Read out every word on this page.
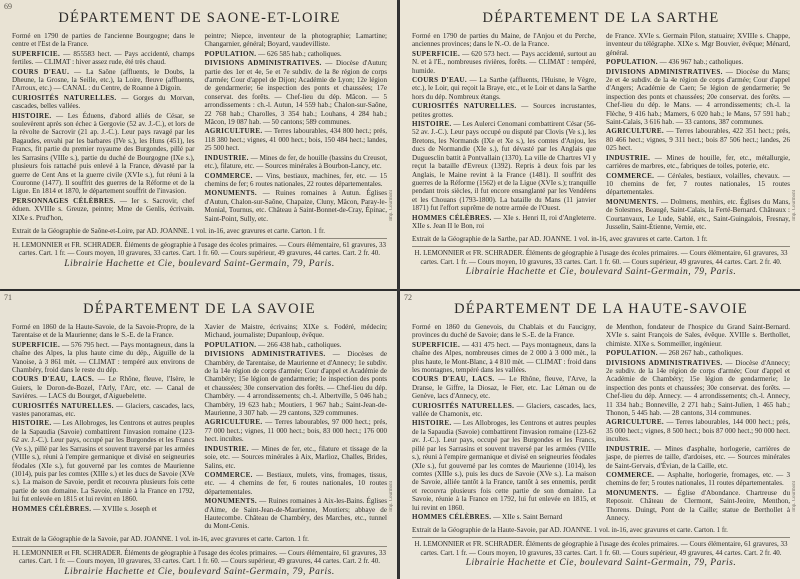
69
DÉPARTEMENT DE SAONE-ET-LOIRE

Formé en 1790 de parties de l'ancienne Bourgogne; dans le centre et l'Est de la France.

SUPERFICIE. — 855583 hect. — Pays accidenté, champs fertiles. — CLIMAT : hiver assez rude, été très chaud.

COURS D'EAU. — La Saône (affluents, le Doubs, la Dheune, la Grosne, la Seille, etc.), la Loire, fleuve (affluents, l'Arroux, etc.) — CANAL : du Centre, de Roanne à Digoin.

CURIOSITÉS NATURELLES. — Gorges du Morvan, cascades, belles vallées.

HISTOIRE. — Les Éduens, d'abord alliés de César, se soulevèrent après son échec à Gergovie (52 av. J.-C.), et lors de la révolte de Sacrovir (21 ap. J.-C.). Leur pays ravagé par les Bagaudes, envahi par les barbares (IVe s.), les Huns (451), les Francs, fit partie du premier royaume des Burgondes, pillé par les Sarrasins (VIIIe s.), partie du duché de Bourgogne (IXe s.), plusieurs fois rattaché puis enlevé à la France, dévasté par la guerre de Cent Ans et la guerre civile (XVIe s.), fut réuni à la Couronne (1477). Il souffrit des guerres de la Réforme et de la Ligue. En 1814 et 1870, le département souffrit de l'invasion.

PERSONNAGES CÉLÈBRES. — Ier s. Sacrovir, chef éduen. XVIIIe s. Greuze, peintre; Mme de Genlis, écrivain. XIXe s. Prud'hon,

peintre; Niepce, inventeur de la photographie; Lamartine; Changarnier, général; Boyard, vaudevilliste.

POPULATION. — 626 585 hab.; catholiques.

DIVISIONS ADMINISTRATIVES. — Diocèse d'Autun; partie des 1er et 4e, 5e et 7e subdiv. de la 8e région de corps d'armée; Cour d'appel de Dijon; Académie de Lyon; 12e légion de gendarmerie; 6e inspection des ponts et chaussées; 17e conservat. des forêts. — Chef-lieu du dép. Mâcon. — 5 arrondissements : ch.-l. Autun, 14 559 hab.; Chalon-sur-Saône, 22 768 hab.; Charolles, 3 354 hab.; Louhans, 4 284 hab.; Mâcon, 19 087 hab. — 50 cantons; 589 communes.

AGRICULTURE. — Terres labourables, 434 800 hect.; prés, 118 380 hect.; vignes, 41 000 hect.; bois, 150 484 hect.; landes, 25 500 hect.

INDUSTRIE. — Mines de fer, de houille (bassins du Creusot, etc.), filature, etc. — Sources minérales à Bourbon-Lancy, etc.

COMMERCE. — Vins, bestiaux, machines, fer, etc. — 15 chemins de fer; 6 routes nationales, 22 routes départementales.

MONUMENTS. — Ruines romaines à Autun. Églises d'Autun, Chalon-sur-Saône, Chapaize, Cluny, Mâcon, Paray-le-Monial, Tournus, etc. Château à Saint-Bonnet-de-Cray, Épinac, Saint-Point, Sully, etc.

Extrait de la Géographie de Saône-et-Loire, par AD. JOANNE. 1 vol. in-16, avec gravures et carte. Carton. 1 fr.
H. LEMONNIER et FR. SCHRADER. Éléments de géographie à l'usage des écoles primaires. — Cours élémentaire, 61 gravures, 33 cartes. Cart. 1 fr. — Cours moyen, 10 gravures, 33 cartes. Cart. 1 fr. 60. — Cours supérieur, 49 gravures, 44 cartes. Cart. 2 fr. 40.
Librairie Hachette et Cie, boulevard Saint-Germain, 79, Paris.
Imp. Courmont
DÉPARTEMENT DE LA SARTHE

Formé en 1790 de parties du Maine, de l'Anjou et du Perche, anciennes provinces; dans le N.-O. de la France.

SUPERFICIE. — 620 573 hect. — Pays accidenté, surtout au N. et à l'E., nombreuses rivières, forêts. — CLIMAT : tempéré, humide.

COURS D'EAU. — La Sarthe (affluents, l'Huisne, le Vègre, etc.), le Loir, qui reçoit la Braye, etc., et le Loir et dans la Sarthe hors du dép. Nombreux étangs.

CURIOSITÉS NATURELLES. — Sources incrustantes, petites grottes.

HISTOIRE. — Les Aulerci Cenomani combattirent César (56-52 av. J.-C.). Leur pays occupé ou disputé par Clovis (Ve s.), les Bretons, les Normands (IXe et Xe s.), les comtes d'Anjou, les ducs de Normandie (XIe s.), fut dévasté par les Anglais que Duguesclin battit à Pontvallain (1370). La ville de Chartres VI y reçut la bataille d'Evreux (1392). Repris à deux fois par les Anglais, le Maine revint à la France (1481). Il souffrit des guerres de la Réforme (1562) et de la Ligue (XVIe s.); tranquille pendant trois siècles, il fut encore ensanglanté par les Vendéens et les Chouans (1793-1800). La bataille du Mans (11 janvier 1871) fut l'effort suprême de notre armée de l'Ouest.

HOMMES CÉLÈBRES. — XIe s. Henri II, roi d'Angleterre. XIIe s. Jean II le Bon, roi

de France. XVIe s. Germain Pilon, statuaire; XVIIIe s. Chappe, inventeur du télégraphe. XIXe s. Mgr Bouvier, évêque; Ménard, général.

POPULATION. — 436 967 hab.; catholiques.

DIVISIONS ADMINISTRATIVES. — Diocèse du Mans; 2e et 4e subdiv. de la 4e région de corps d'armée; Cour d'appel d'Angers; Académie de Caen; 5e légion de gendarmerie; 9e inspection des ponts et chaussées; 20e conservat. des forêts. — Chef-lieu du dép. le Mans. — 4 arrondissements; ch.-l. la Flèche, 9 416 hab.; Mamers, 6 020 hab.; le Mans, 57 591 hab.; Saint-Calais, 3 616 hab. — 33 cantons, 387 communes.

AGRICULTURE. — Terres labourables, 422 351 hect.; prés, 80 466 hect.; vignes, 9 311 hect.; bois 87 506 hect.; landes, 26 025 hect.

INDUSTRIE. — Mines de houille, fer, etc., métallurgie, carrières de marbres, etc., fabriques de toiles, poterie, etc.

COMMERCE. — Céréales, bestiaux, volailles, chevaux. — 10 chemins de fer, 7 routes nationales, 15 routes départementales.

MONUMENTS. — Dolmens, menhirs, etc. Églises du Mans, de Solesmes, Beaugé, Saint-Calais, la Ferté-Bernard. Châteaux : Courtanvaux, Le Lude, Sablé, etc., Saint-Guingalois, Fresnay, Jusselin, Saint-Étienne, Vernie, etc.

Extrait de la Géographie de la Sarthe, par AD. JOANNE. 1 vol. in-16, avec gravures et carte. Carton. 1 fr.
H. LEMONNIER et FR. SCHRADER. Éléments de géographie à l'usage des écoles primaires. — Cours élémentaire, 61 gravures, 33 cartes. Cart. 1 fr. — Cours moyen, 10 gravures, 33 cartes. Cart. 1 fr. 60. — Cours supérieur, 49 gravures, 44 cartes. Cart. 2 fr. 40.
Librairie Hachette et Cie, boulevard Saint-Germain, 79, Paris.
Imp. Courmont
71
DÉPARTEMENT DE LA SAVOIE

Formé en 1860 de la Haute-Savoie, de la Savoie-Propre, de la Tarentaise et de la Maurienne; dans le S.-E. de la France.

SUPERFICIE. — 576 795 hect. — Pays montagneux, dans la chaîne des Alpes, la plus haute cime du dép., Aiguille de la Vanoise, à 3 861 mèt. — CLIMAT : tempéré aux environs de Chambéry, froid dans le reste du dép.

COURS D'EAU, LACS. — Le Rhône, fleuve, l'Isère, le Guiers, le Doron-de-Bozel, l'Arly, l'Arc, etc. — Canal de Savières. — LACS du Bourget, d'Aiguebelette.

CURIOSITÉS NATURELLES. — Glaciers, cascades, lacs, vastes panoramas, etc.

HISTOIRE. — Les Allobroges, les Centrons et autres peuples de la Sapaudia (Savoie) combattirent l'invasion romaine (123-62 av. J.-C.). Leur pays, occupé par les Burgondes et les Francs (Ve s.), pillé par les Sarrasins et souvent traversé par les armées (VIIIe s.), réuni à l'empire germanique et divisé en seigneuries féodales (XIe s.), fut gouverné par les comtes de Maurienne (1014), puis par les comtes (XIIIe s.) et les ducs de Savoie (XVe s.). La maison de Savoie, perdit et recouvra plusieurs fois cette partie de son domaine. La Savoie, réunie à la France en 1792, lui fut enlevée en 1815 et lui revint en 1860.

HOMMES CÉLÈBRES. — XVIIIe s. Joseph et

Xavier de Maistre, écrivains; XIXe s. Fodéré, médecin; Michaud, journaliste; Dupanloup, évêque.

POPULATION. — 266 438 hab., catholiques.

DIVISIONS ADMINISTRATIVES. — Diocèses de Chambéry, de Tarentaise, de Maurienne et d'Annecy; 1e subdiv. de la 14e région de corps d'armée; Cour d'appel et Académie de Chambéry; 15e légion de gendarmerie; 1e inspection des ponts et chaussées; 30e conservation des forêts. — Chef-lieu du dép. Chambéry. — 4 arrondissements; ch.-l. Albertville, 5 046 hab.; Chambéry, 19 623 hab.; Moutiers, 1 967 hab.; Saint-Jean-de-Maurienne, 3 307 hab. — 29 cantons, 329 communes.

AGRICULTURE. — Terres labourables, 97 000 hect.; prés, 77 000 hect.; vignes, 11 000 hect.; bois, 83 000 hect.; 176 000 hect. incultes.

INDUSTRIE. — Mines de fer, etc., filature et tissage de la soie, etc. — Sources minérales à Aix, Marlioz, Challes, Brides, Salins, etc.

COMMERCE. — Bestiaux, mulets, vins, fromages, tissus, etc. — 4 chemins de fer, 6 routes nationales, 10 routes départementales.

MONUMENTS. — Ruines romaines à Aix-les-Bains. Églises d'Aime, de Saint-Jean-de-Maurienne, Moutiers; abbaye de Hautecombe. Château de Chambéry, des Marches, etc., tunnel du Mont-Cenis.

Extrait de la Géographie de la Savoie, par AD. JOANNE. 1 vol. in-16, avec gravures et carte. Carton. 1 fr.
H. LEMONNIER et FR. SCHRADER. Éléments de géographie à l'usage des écoles primaires. — Cours élémentaire, 61 gravures, 33 cartes. Cart. 1 fr. — Cours moyen, 10 gravures, 33 cartes. Cart. 1 fr. 60. — Cours supérieur, 49 gravures, 44 cartes. Cart. 2 fr. 40.
Librairie Hachette et Cie, boulevard Saint-Germain, 79, Paris.
Imp. Courmont
72
DÉPARTEMENT DE LA HAUTE-SAVOIE

Formé en 1860 du Genevois, du Chablais et du Faucigny, provinces du duché de Savoie; dans le S.-E. de la France.

SUPERFICIE. — 431 475 hect. — Pays montagneux, dans la chaîne des Alpes, nombreuses cimes de 2 000 à 3 000 mèt., la plus haute, le Mont-Blanc, à 4 810 mèt. — CLIMAT : froid dans les montagnes, tempéré dans les vallées.

COURS D'EAU, LACS. — Le Rhône, fleuve, l'Arve, la Dranse, le Giffre, la Diosaz, le Fier, etc. Lac Léman ou de Genève, lacs d'Annecy, etc.

CURIOSITÉS NATURELLES. — Glaciers, cascades, lacs, vallée de Chamonix, etc.

HISTOIRE. — Les Allobroges, les Centrons et autres peuples de la Sapaudia (Savoie) combattirent l'invasion romaine (123-62 av. J.-C.). Leur pays, occupé par les Burgondes et les Francs, pillé par les Sarrasins et souvent traversé par les armées (VIIIe s.), réuni à l'empire germanique et divisé en seigneuries féodales (XIe s.), fut gouverné par les comtes de Maurienne (1014), les comtes (XIIIe s.), puis les ducs de Savoie (XVe s.). La maison de Savoie, alliée tantôt à la France, tantôt à ses ennemis, perdit et recouvra plusieurs fois cette partie de son domaine. La Savoie, réunie à la France en 1792, lui fut enlevée en 1815, et lui revint en 1860.

HOMMES CÉLÈBRES. — XIIe s. Saint Bernard

de Menthon, fondateur de l'hospice du Grand Saint-Bernard. XVIe s. saint François de Sales, évêque. XVIIIe s. Berthollet, chimiste. XIXe s. Sommeiller, ingénieur.

POPULATION. — 268 267 hab., catholiques.

DIVISIONS ADMINISTRATIVES. — Diocèse d'Annecy; 2e subdiv. de la 14e région de corps d'armée; Cour d'appel et Académie de Chambéry; 15e légion de gendarmerie; 1e inspection des ponts et chaussées; 30e conservat. des forêts. — Chef-lieu du dép. Annecy. — 4 arrondissements; ch.-l. Annecy, 11 334 hab.; Bonneville, 2 271 hab.; Saint-Julien, 1 465 hab.; Thonon, 5 445 hab. — 28 cantons, 314 communes.

AGRICULTURE. — Terres labourables, 144 000 hect.; prés, 35 000 hect.; vignes, 8 500 hect.; bois 87 000 hect.; 90 000 hect. incultes.

INDUSTRIE. — Mines d'asphalte, horlogerie, carrières de jaspe, de pierres de taille, d'ardoises, etc. — Sources minérales de Saint-Gervais, d'Évian, de la Caille, etc.

COMMERCE. — Asphalte, horlogerie, fromages, etc. — 3 chemins de fer; 5 routes nationales, 11 routes départementales.

MONUMENTS. — Église d'Abondance. Chartreuse du Reposoir. Château de Clermont, Saint-Jeoire, Menthon, Thorens. Duingt, Pont de la Caille; statue de Berthollet à Annecy.

Extrait de la Géographie de la Haute-Savoie, par AD. JOANNE. 1 vol. in-16, avec gravures et carte. Carton. 1 fr.
H. LEMONNIER et FR. SCHRADER. Éléments de géographie à l'usage des écoles primaires. — Cours élémentaire, 61 gravures, 33 cartes. Cart. 1 fr. — Cours moyen, 10 gravures, 33 cartes. Cart. 1 fr. 60. — Cours supérieur, 49 gravures, 44 cartes. Cart. 2 fr. 40.
Librairie Hachette et Cie, boulevard Saint-Germain, 79, Paris.
Imp. Courmont
